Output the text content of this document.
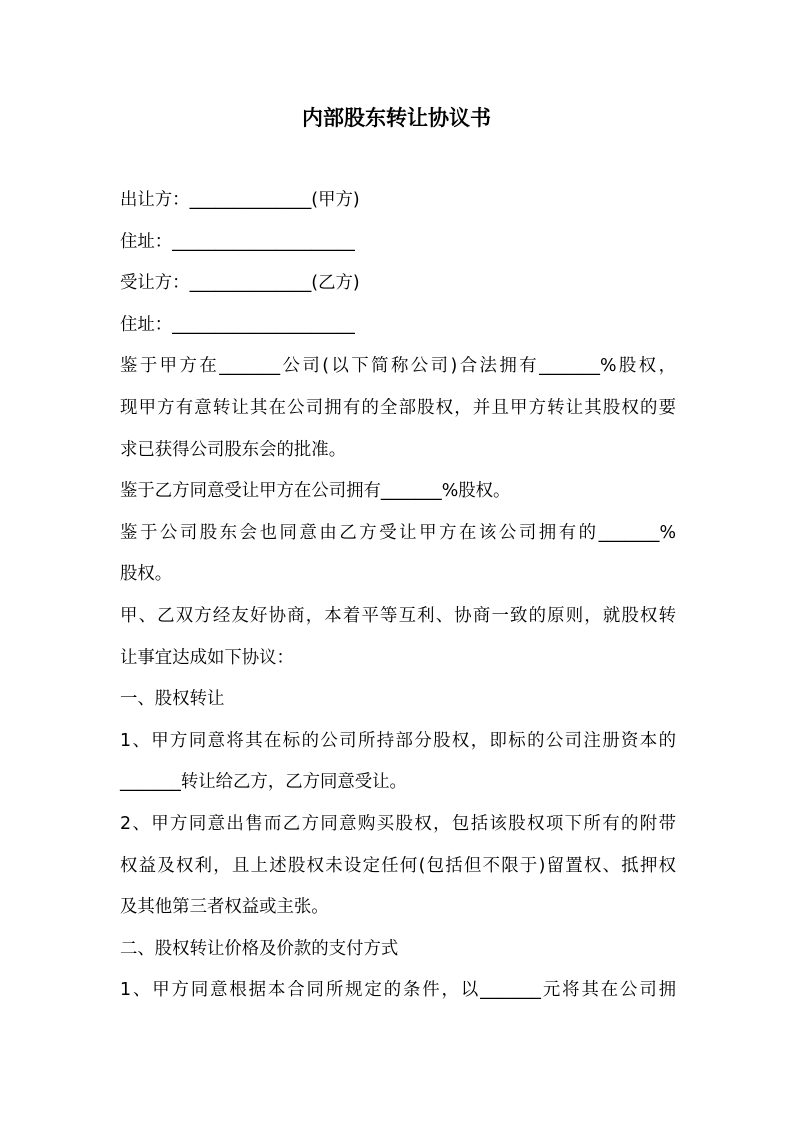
内部股东转让协议书
出让方：______________(甲方)
住址：_____________________
受让方：______________(乙方)
住址：_____________________
鉴于甲方在_______公司(以下简称公司)合法拥有_______%股权，
现甲方有意转让其在公司拥有的全部股权，并且甲方转让其股权的要
求已获得公司股东会的批准。
鉴于乙方同意受让甲方在公司拥有_______%股权。
鉴于公司股东会也同意由乙方受让甲方在该公司拥有的_______%
股权。
甲、乙双方经友好协商，本着平等互利、协商一致的原则，就股权转
让事宜达成如下协议：
一、股权转让
1、甲方同意将其在标的公司所持部分股权，即标的公司注册资本的
_______转让给乙方，乙方同意受让。
2、甲方同意出售而乙方同意购买股权，包括该股权项下所有的附带
权益及权利，且上述股权未设定任何(包括但不限于)留置权、抵押权
及其他第三者权益或主张。
二、股权转让价格及价款的支付方式
1、甲方同意根据本合同所规定的条件，以_______元将其在公司拥
